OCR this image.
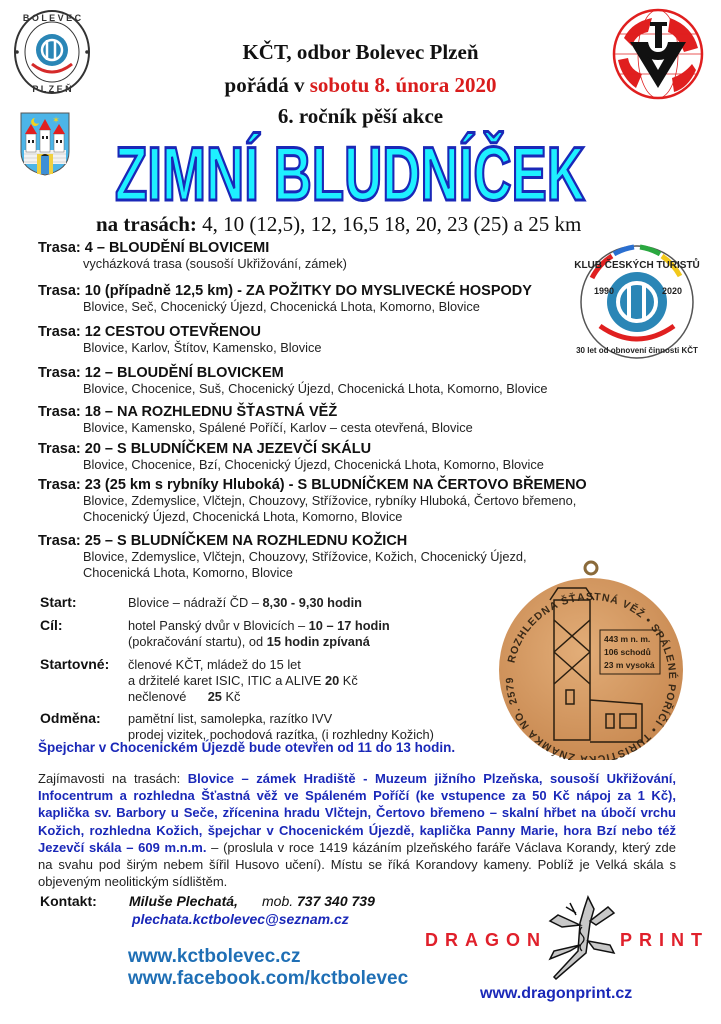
B O L E V E C
P L Z E Ň
✶
KČT, odbor Bolevec Plzeň
pořádá v sobotu 8. února 2020
6. ročník pěší akce
ZIMNÍ BLUDNÍČEK
na trasách: 4, 10 (12,5), 12, 16,5 18, 20, 23 (25) a 25 km
KLUB ČESKÝCH TURISTŮ
1990	2020
30 let od obnovení činnosti KČT
Trasa: 4 – BLOUDĚNÍ BLOVICEMI
vycházková trasa (sousoší Ukřižování, zámek)
Trasa: 10 (případně 12,5 km) - ZA POŽITKY DO MYSLIVECKÉ HOSPODY
Blovice, Seč, Chocenický Újezd, Chocenická Lhota, Komorno, Blovice
Trasa: 12 CESTOU OTEVŘENOU
Blovice, Karlov, Štítov, Kamensko, Blovice
Trasa: 12 – BLOUDĚNÍ BLOVICKEM
Blovice, Chocenice, Suš, Chocenický Újezd, Chocenická Lhota, Komorno, Blovice
Trasa: 18 – NA ROZHLEDNU ŠŤASTNÁ VĚŽ
Blovice, Kamensko, Spálené Poříčí, Karlov – cesta otevřená, Blovice
Trasa: 20 – S BLUDNÍČKEM NA JEZEVČÍ SKÁLU
Blovice, Chocenice, Bzí, Chocenický Újezd, Chocenická Lhota, Komorno, Blovice
Trasa: 23 (25 km s rybníky Hluboká) - S BLUDNÍČKEM NA ČERTOVO BŘEMENO
Blovice, Zdemyslice, Vlčtejn, Chouzovy, Střížovice, rybníky Hluboká, Čertovo břemeno,
Chocenický Újezd, Chocenická Lhota, Komorno, Blovice
Trasa: 25 – S BLUDNÍČKEM NA ROZHLEDNU KOŽICH
Blovice, Zdemyslice, Vlčtejn, Chouzovy, Střížovice, Kožich, Chocenický Újezd,
Chocenická Lhota, Komorno, Blovice
Start:	Blovice – nádraží ČD – 8,30 - 9,30 hodin
Cíl:	hotel Panský dvůr v Blovicích – 10 – 17 hodin
(pokračování startu), od 15 hodin zpívaná
Startovné: členové KČT, mládež do 15 let
a držitelé karet ISIC, ITIC a ALIVE 20 Kč
nečlenové      25 Kč
Odměna: pamětní list, samolepka, razítko IVV
prodej vizitek, pochodová razítka, (i rozhledny Kožich)
ROZHLEDNA ŠŤASTNÁ VĚŽ • SPÁLENÉ POŘÍČÍ • TURISTICKÁ ZNÁMKA NO. 2579
443 m n. m.
106 schodů
23 m vysoká
Špejchar v Chocenickém Újezdě bude otevřen od 11 do 13 hodin.
Zajímavosti na trasách: Blovice – zámek Hradiště - Muzeum jižního Plzeňska, sousoší Ukřižování, Infocentrum a rozhledna Šťastná věž ve Spáleném Poříčí (ke vstupence za 50 Kč nápoj za 1 Kč), kaplička sv. Barbory u Seče, zřícenina hradu Vlčtejn, Čertovo břemeno – skalní hřbet na úbočí vrchu Kožich, rozhledna Kožich, špejchar v Chocenickém Újezdě, kaplička Panny Marie, hora Bzí nebo též Jezevčí skála – 609 m.n.m. – (proslula v roce 1419 kázáním plzeňského faráře Václava Korandy, který zde na svahu pod širým nebem šířil Husovo učení). Místu se říká Korandovy kameny. Poblíž je Velká skála s objeveným neolitickým sídlištěm.
Kontakt: Miluše Plechatá, mob. 737 340 739
plechata.kctbolevec@seznam.cz
www.kctbolevec.cz
www.facebook.com/kctbolevec
DRAGON	PRINT
www.dragonprint.cz
